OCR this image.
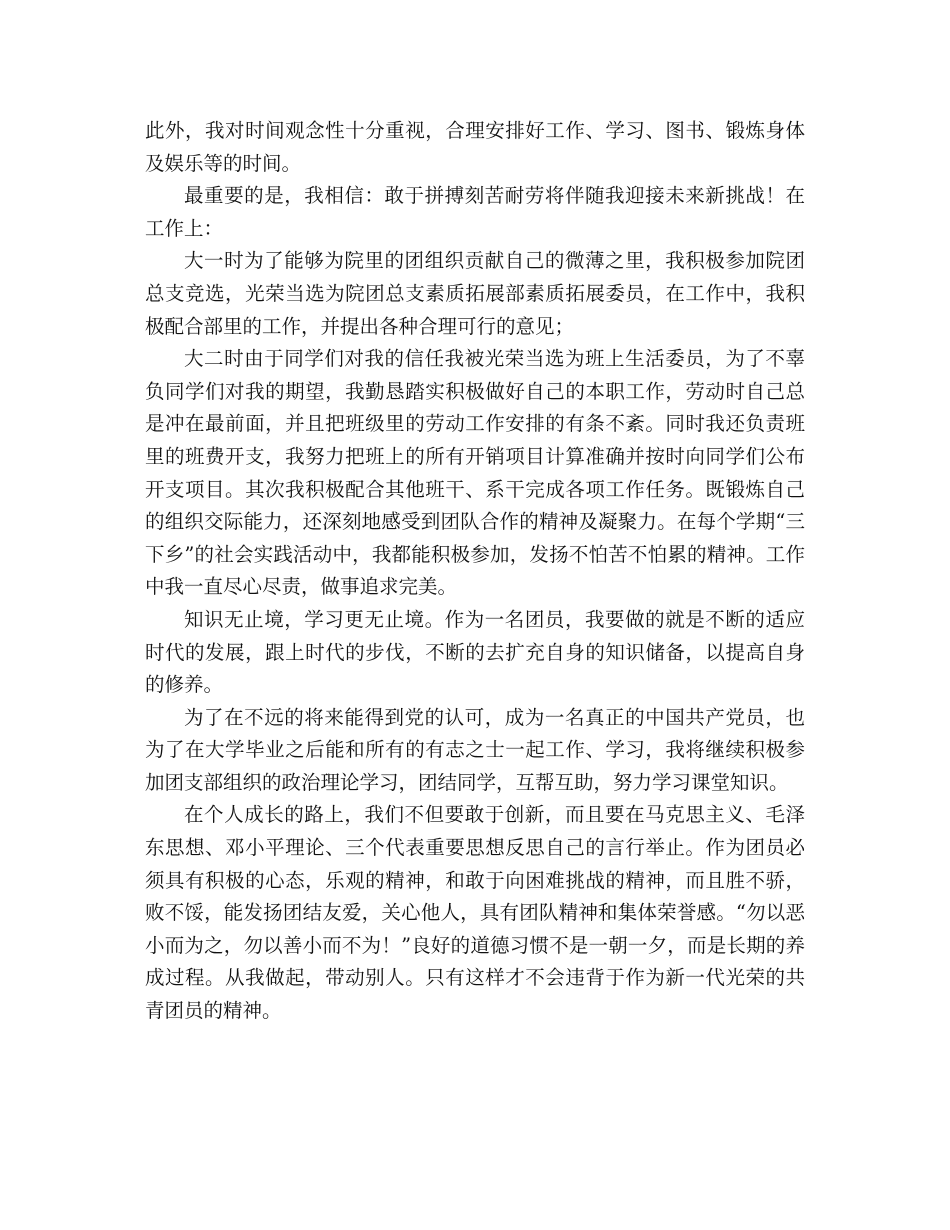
此外，我对时间观念性十分重视，合理安排好工作、学习、图书、锻炼身体及娱乐等的时间。

最重要的是，我相信：敢于拼搏刻苦耐劳将伴随我迎接未来新挑战！在工作上：

大一时为了能够为院里的团组织贡献自己的微薄之里，我积极参加院团总支竞选，光荣当选为院团总支素质拓展部素质拓展委员，在工作中，我积极配合部里的工作，并提出各种合理可行的意见；

大二时由于同学们对我的信任我被光荣当选为班上生活委员，为了不辜负同学们对我的期望，我勤恳踏实积极做好自己的本职工作，劳动时自己总是冲在最前面，并且把班级里的劳动工作安排的有条不紊。同时我还负责班里的班费开支，我努力把班上的所有开销项目计算准确并按时向同学们公布开支项目。其次我积极配合其他班干、系干完成各项工作任务。既锻炼自己的组织交际能力，还深刻地感受到团队合作的精神及凝聚力。在每个学期“三下乡”的社会实践活动中，我都能积极参加，发扬不怕苦不怕累的精神。工作中我一直尽心尽责，做事追求完美。

知识无止境，学习更无止境。作为一名团员，我要做的就是不断的适应时代的发展，跟上时代的步伐，不断的去扩充自身的知识储备，以提高自身的修养。

为了在不远的将来能得到党的认可，成为一名真正的中国共产党员，也为了在大学毕业之后能和所有的有志之士一起工作、学习，我将继续积极参加团支部组织的政治理论学习，团结同学，互帮互助，努力学习课堂知识。

在个人成长的路上，我们不但要敢于创新，而且要在马克思主义、毛泽东思想、邓小平理论、三个代表重要思想反思自己的言行举止。作为团员必须具有积极的心态，乐观的精神，和敢于向困难挑战的精神，而且胜不骄，败不馁，能发扬团结友爱，关心他人，具有团队精神和集体荣誉感。“勿以恶小而为之，勿以善小而不为！”良好的道德习惯不是一朝一夕，而是长期的养成过程。从我做起，带动别人。只有这样才不会违背于作为新一代光荣的共青团员的精神。
